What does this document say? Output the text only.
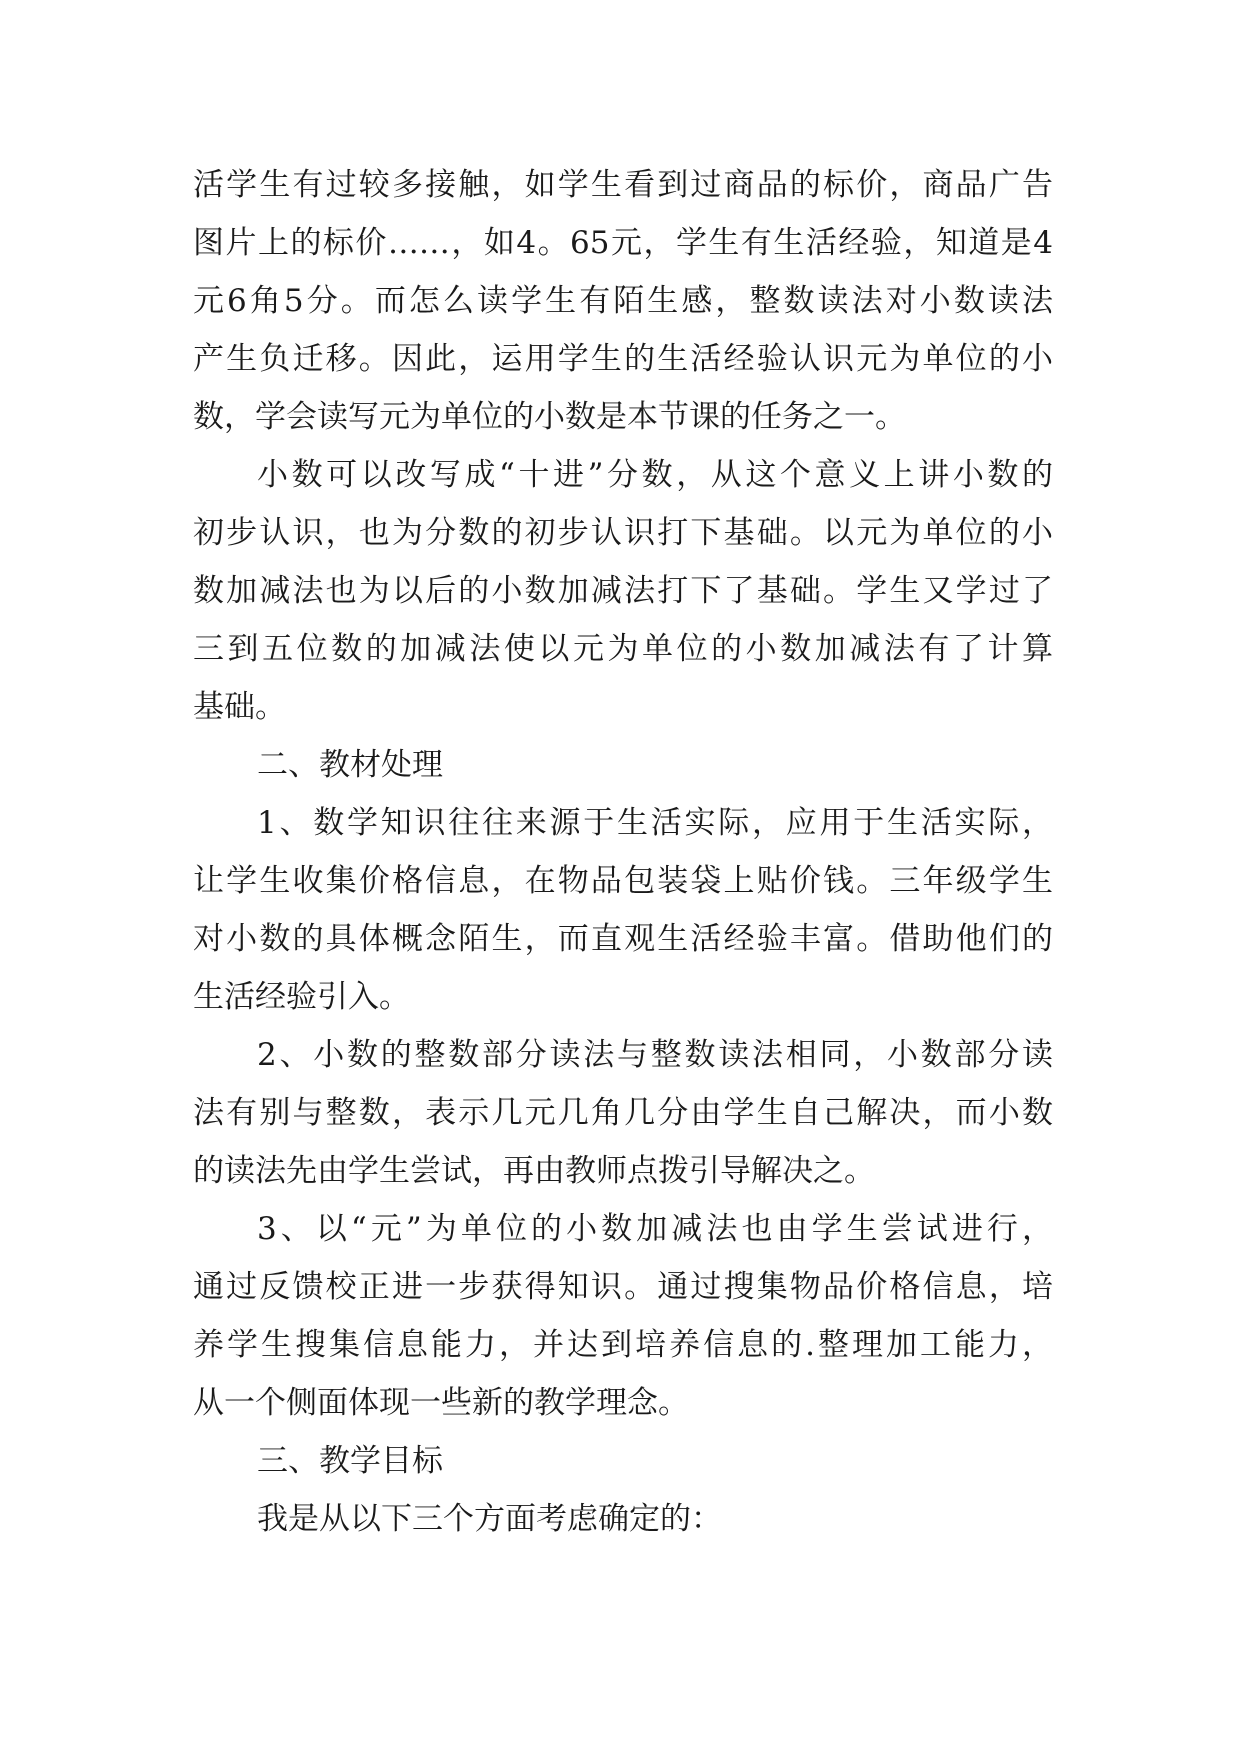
活学生有过较多接触，如学生看到过商品的标价，商品广告
图片上的标价……，如4。65元，学生有生活经验，知道是4
元6角5分。而怎么读学生有陌生感，整数读法对小数读法
产生负迁移。因此，运用学生的生活经验认识元为单位的小
数，学会读写元为单位的小数是本节课的任务之一。
小数可以改写成“十进”分数，从这个意义上讲小数的
初步认识，也为分数的初步认识打下基础。以元为单位的小
数加减法也为以后的小数加减法打下了基础。学生又学过了
三到五位数的加减法使以元为单位的小数加减法有了计算
基础。
二、教材处理
1、数学知识往往来源于生活实际，应用于生活实际，
让学生收集价格信息，在物品包装袋上贴价钱。三年级学生
对小数的具体概念陌生，而直观生活经验丰富。借助他们的
生活经验引入。
2、小数的整数部分读法与整数读法相同，小数部分读
法有别与整数，表示几元几角几分由学生自己解决，而小数
的读法先由学生尝试，再由教师点拨引导解决之。
3、以“元”为单位的小数加减法也由学生尝试进行，
通过反馈校正进一步获得知识。通过搜集物品价格信息，培
养学生搜集信息能力，并达到培养信息的.整理加工能力，
从一个侧面体现一些新的教学理念。
三、教学目标
我是从以下三个方面考虑确定的：
